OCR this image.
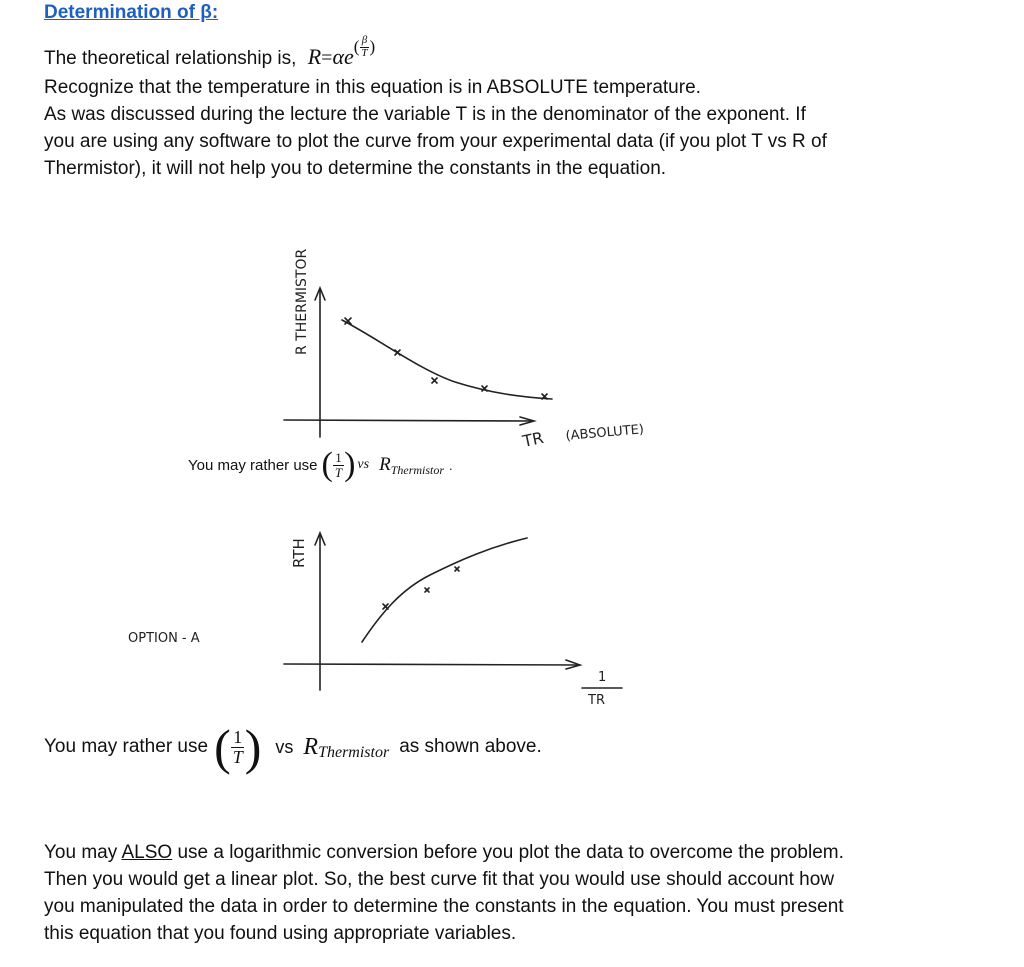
Determination of β:
The theoretical relationship is, R=αe ( $\frac{\beta}{T}$ )
Recognize that the temperature in this equation is in ABSOLUTE temperature.
As was discussed during the lecture the variable T is in the denominator of the exponent. If
you are using any software to plot the curve from your experimental data (if you plot T vs R of
Thermistor), it will not help you to determine the constants in the equation.
R THERMISTOR
TR (ABSOLUTE)
RTH
OPTION - A
1
TR
You may rather use ( $\frac{1}{T}$ ) vs R Thermistor .
You may rather use ( $\frac{1}{T}$ ) vs R Thermistor as shown above.
You may ALSO use a logarithmic conversion before you plot the data to overcome the problem.
Then you would get a linear plot. So, the best curve fit that you would use should account how
you manipulated the data in order to determine the constants in the equation. You must present
this equation that you found using appropriate variables.
